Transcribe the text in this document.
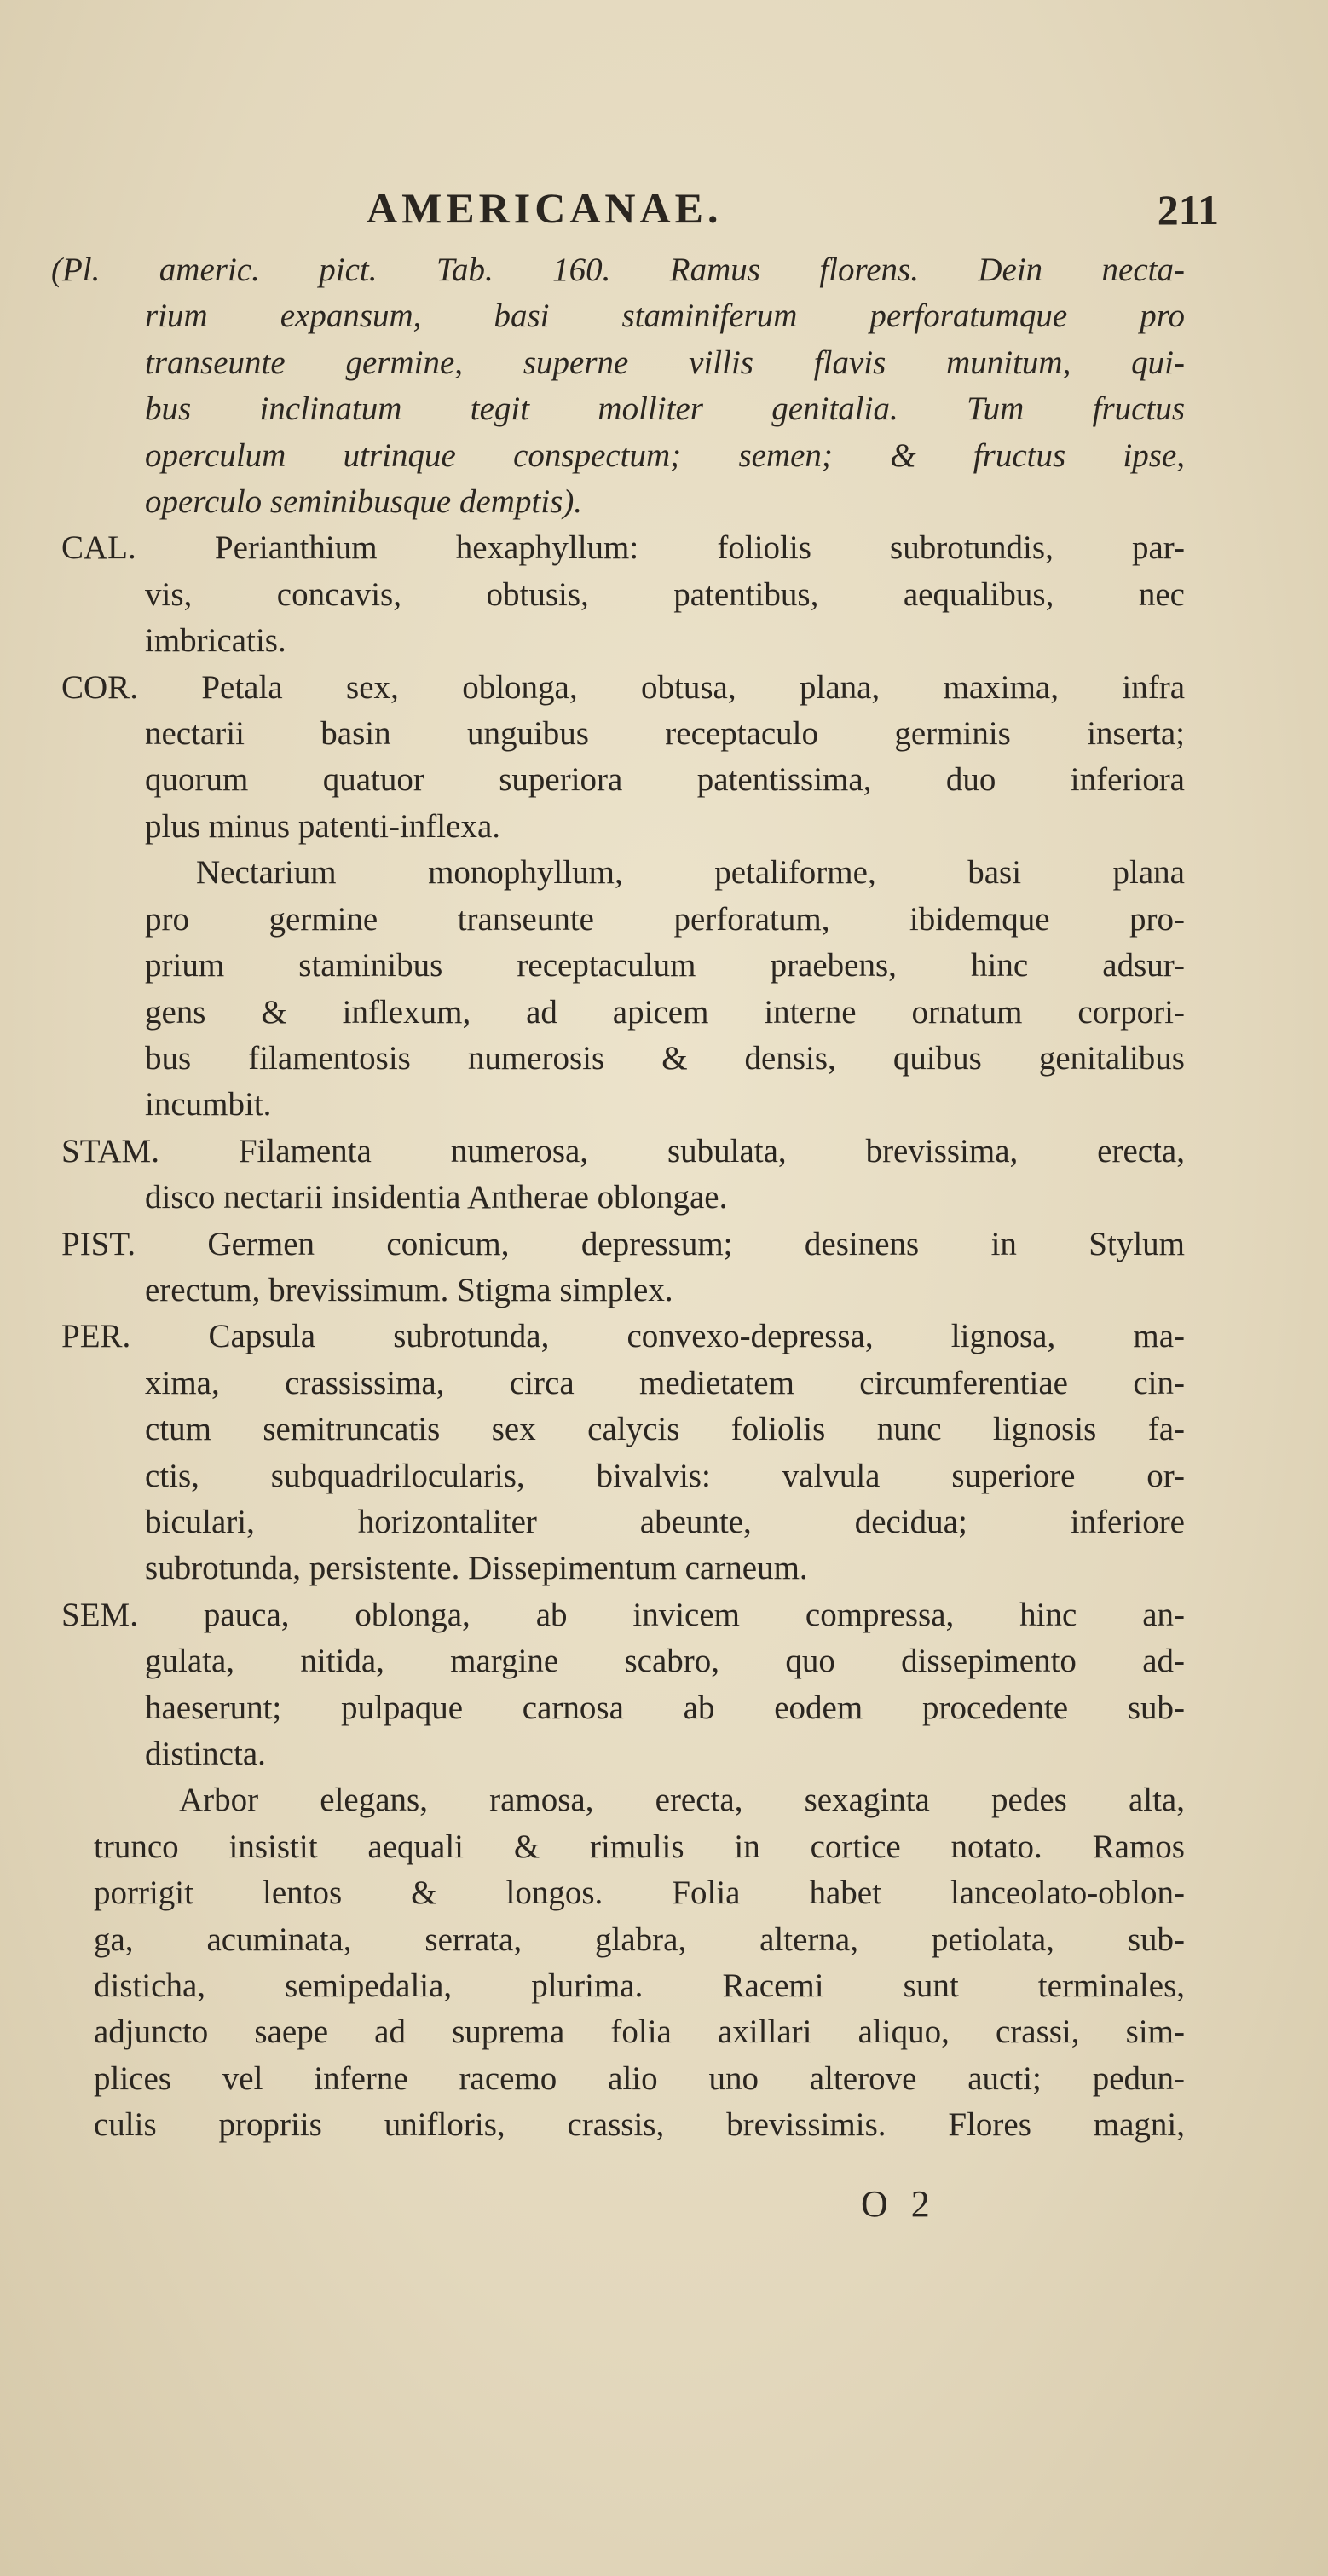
AMERICANAE.	211
(Pl. americ. pict. Tab. 160. Ramus florens. Dein necta-
rium expansum, basi staminiferum perforatumque pro
transeunte germine, superne villis flavis munitum, qui-
bus inclinatum tegit molliter genitalia. Tum fructus
operculum utrinque conspectum; semen; & fructus ipse,
operculo seminibusque demptis).
CAL. Perianthium hexaphyllum: foliolis subrotundis, par-
vis, concavis, obtusis, patentibus, aequalibus, nec
imbricatis.
COR. Petala sex, oblonga, obtusa, plana, maxima, infra
nectarii basin unguibus receptaculo germinis inserta;
quorum quatuor superiora patentissima, duo inferiora
plus minus patenti-inflexa.
Nectarium monophyllum, petaliforme, basi plana
pro germine transeunte perforatum, ibidemque pro-
prium staminibus receptaculum praebens, hinc adsur-
gens & inflexum, ad apicem interne ornatum corpori-
bus filamentosis numerosis & densis, quibus genitalibus
incumbit.
STAM. Filamenta numerosa, subulata, brevissima, erecta,
disco nectarii insidentia Antherae oblongae.
PIST. Germen conicum, depressum; desinens in Stylum
erectum, brevissimum. Stigma simplex.
PER. Capsula subrotunda, convexo-depressa, lignosa, ma-
xima, crassissima, circa medietatem circumferentiae cin-
ctum semitruncatis sex calycis foliolis nunc lignosis fa-
ctis, subquadrilocularis, bivalvis: valvula superiore or-
biculari, horizontaliter abeunte, decidua; inferiore
subrotunda, persistente. Dissepimentum carneum.
SEM. pauca, oblonga, ab invicem compressa, hinc an-
gulata, nitida, margine scabro, quo dissepimento ad-
haeserunt; pulpaque carnosa ab eodem procedente sub-
distincta.
Arbor elegans, ramosa, erecta, sexaginta pedes alta,
trunco insistit aequali & rimulis in cortice notato. Ramos
porrigit lentos & longos. Folia habet lanceolato-oblon-
ga, acuminata, serrata, glabra, alterna, petiolata, sub-
disticha, semipedalia, plurima. Racemi sunt terminales,
adjuncto saepe ad suprema folia axillari aliquo, crassi, sim-
plices vel inferne racemo alio uno alterove aucti; pedun-
culis propriis unifloris, crassis, brevissimis. Flores magni,
O 2
